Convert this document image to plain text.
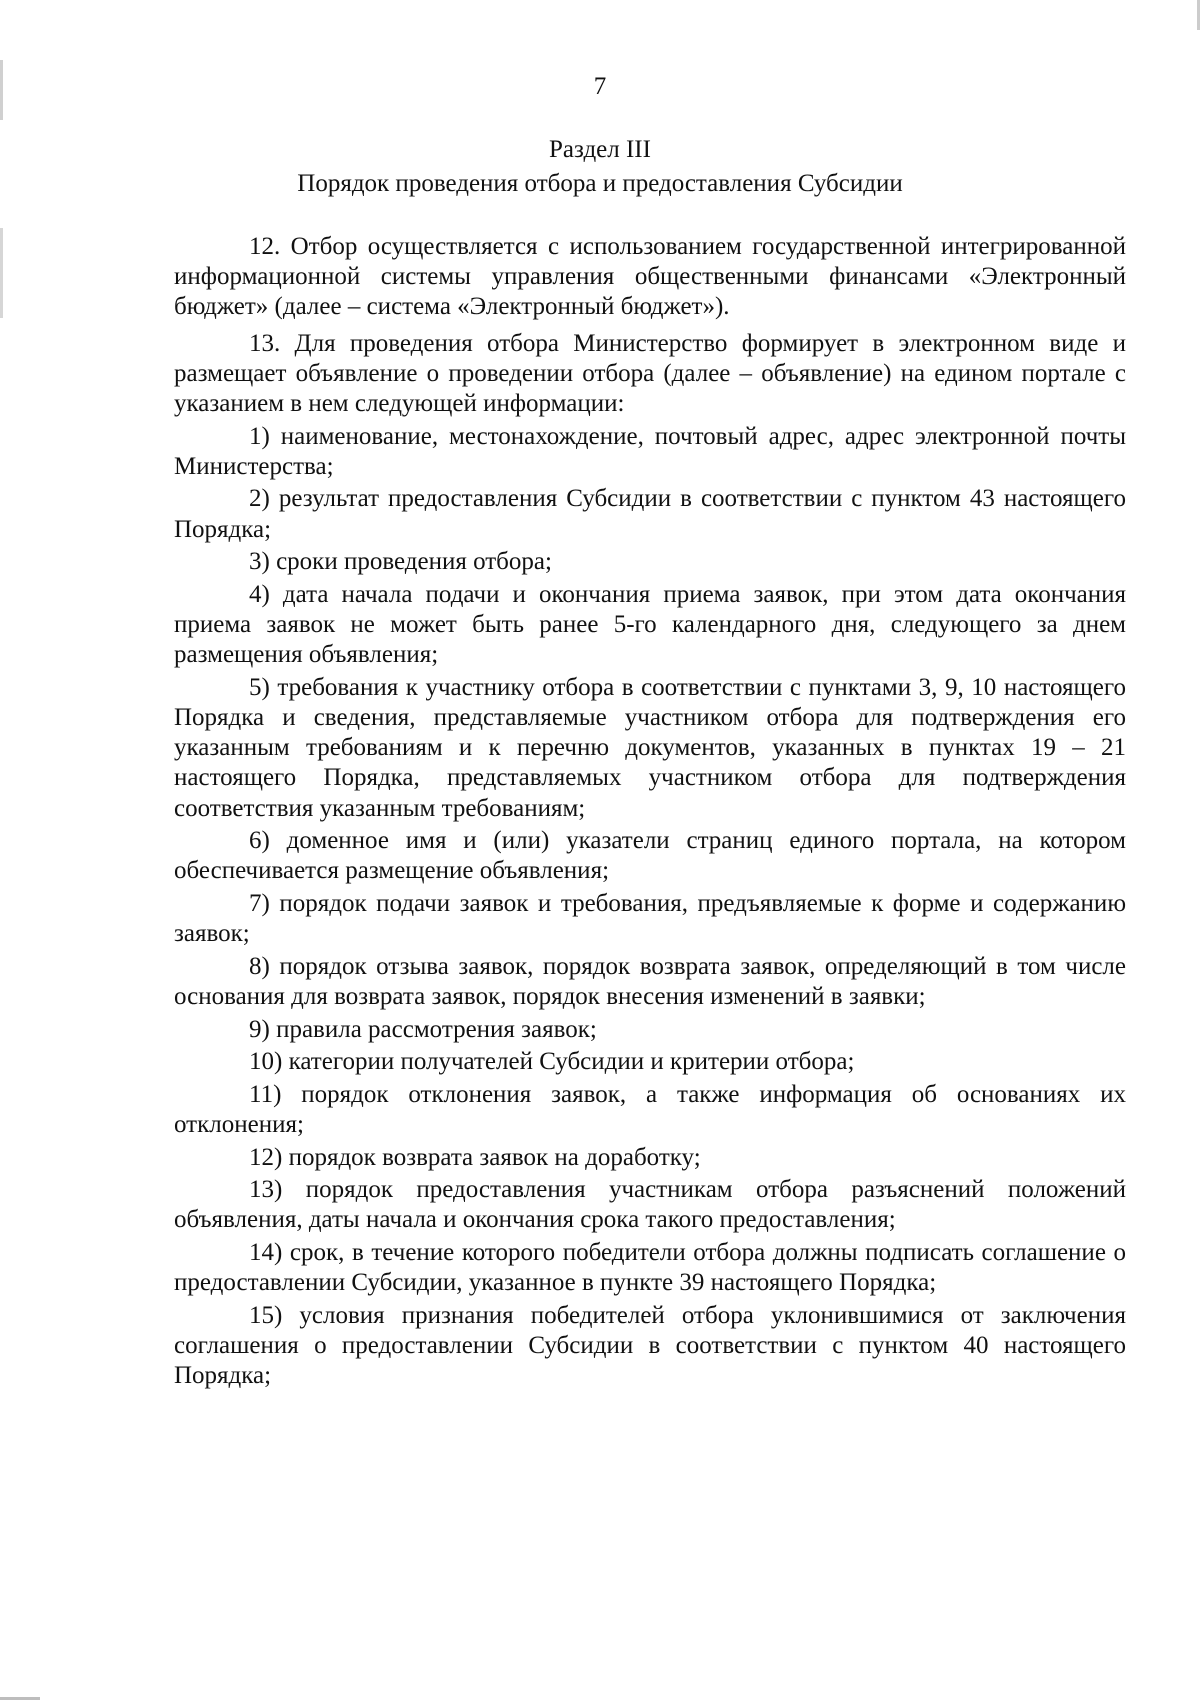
7
Раздел III
Порядок проведения отбора и предоставления Субсидии

12. Отбор осуществляется с использованием государственной интегрированной информационной системы управления общественными финансами «Электронный бюджет» (далее – система «Электронный бюджет»).

13. Для проведения отбора Министерство формирует в электронном виде и размещает объявление о проведении отбора (далее – объявление) на едином портале с указанием в нем следующей информации:

1) наименование, местонахождение, почтовый адрес, адрес электронной почты Министерства;

2) результат предоставления Субсидии в соответствии с пунктом 43 настоящего Порядка;

3) сроки проведения отбора;

4) дата начала подачи и окончания приема заявок, при этом дата окончания приема заявок не может быть ранее 5-го календарного дня, следующего за днем размещения объявления;

5) требования к участнику отбора в соответствии с пунктами 3, 9, 10 настоящего Порядка и сведения, представляемые участником отбора для подтверждения его указанным требованиям и к перечню документов, указанных в пунктах 19 – 21 настоящего Порядка, представляемых участником отбора для подтверждения соответствия указанным требованиям;

6) доменное имя и (или) указатели страниц единого портала, на котором обеспечивается размещение объявления;

7) порядок подачи заявок и требования, предъявляемые к форме и содержанию заявок;

8) порядок отзыва заявок, порядок возврата заявок, определяющий в том числе основания для возврата заявок, порядок внесения изменений в заявки;

9) правила рассмотрения заявок;

10) категории получателей Субсидии и критерии отбора;

11) порядок отклонения заявок, а также информация об основаниях их отклонения;

12) порядок возврата заявок на доработку;

13) порядок предоставления участникам отбора разъяснений положений объявления, даты начала и окончания срока такого предоставления;

14) срок, в течение которого победители отбора должны подписать соглашение о предоставлении Субсидии, указанное в пункте 39 настоящего Порядка;

15) условия признания победителей отбора уклонившимися от заключения соглашения о предоставлении Субсидии в соответствии с пунктом 40 настоящего Порядка;
